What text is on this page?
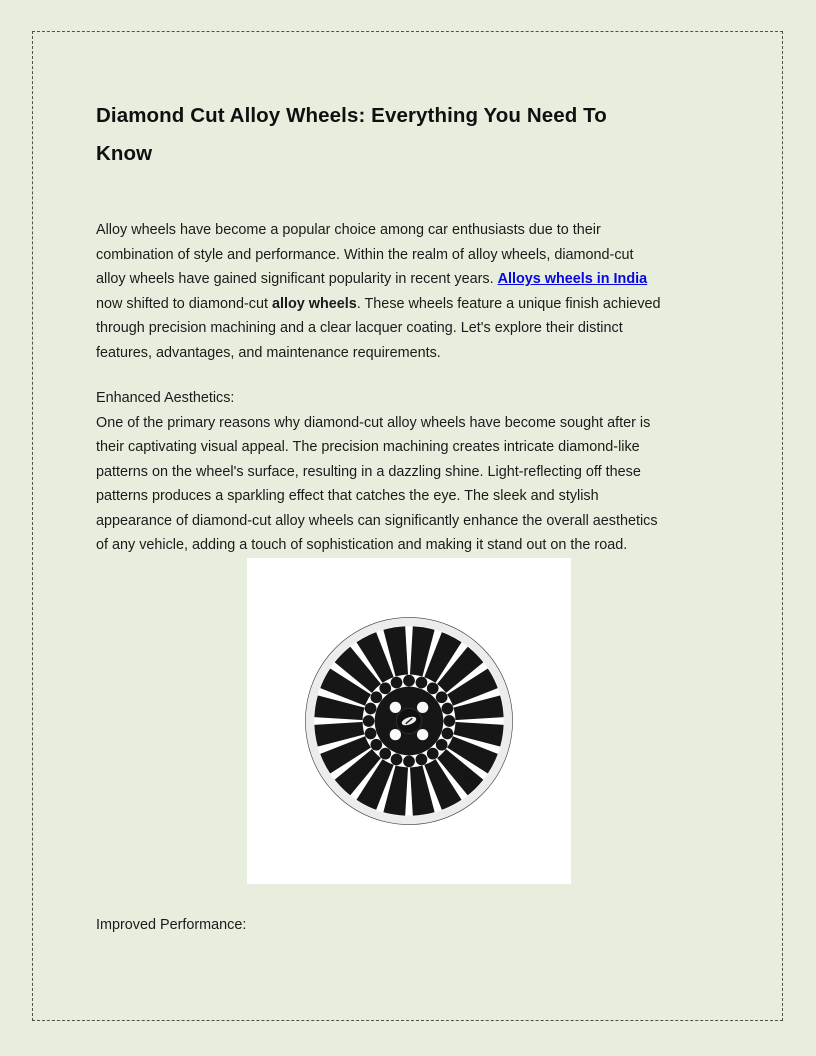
Diamond Cut Alloy Wheels: Everything You Need To
Know
Alloy wheels have become a popular choice among car enthusiasts due to their
combination of style and performance. Within the realm of alloy wheels, diamond-cut
alloy wheels have gained significant popularity in recent years. Alloys wheels in India
now shifted to diamond-cut alloy wheels. These wheels feature a unique finish achieved
through precision machining and a clear lacquer coating. Let's explore their distinct
features, advantages, and maintenance requirements.
Enhanced Aesthetics:
One of the primary reasons why diamond-cut alloy wheels have become sought after is
their captivating visual appeal. The precision machining creates intricate diamond-like
patterns on the wheel's surface, resulting in a dazzling shine. Light-reflecting off these
patterns produces a sparkling effect that catches the eye. The sleek and stylish
appearance of diamond-cut alloy wheels can significantly enhance the overall aesthetics
of any vehicle, adding a touch of sophistication and making it stand out on the road.
Improved Performance:
